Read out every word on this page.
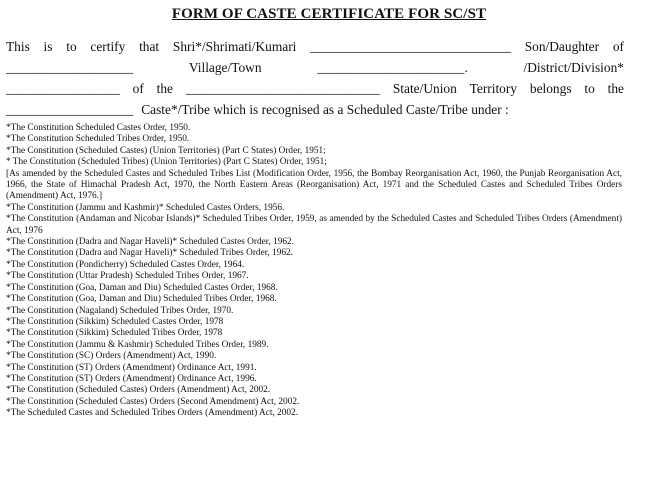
FORM OF CASTE CERTIFICATE FOR SC/ST
This is to certify that Shri*/Shrimati/Kumari ______________________________ Son/Daughter of
___________________	Village/Town	______________________.	/District/Division*
_________________ of the _____________________________ State/Union Territory belongs to the
___________________ Caste*/Tribe which is recognised as a Scheduled Caste/Tribe under :

*The Constitution Scheduled Castes Order, 1950.

*The Constitution Scheduled Tribes Order, 1950.

*The Constitution (Scheduled Castes) (Union Territories) (Part C States) Order, 1951;

* The Constitution (Scheduled Tribes) (Union Territories) (Part C States) Order, 1951;

[As amended by the Scheduled Castes and Scheduled Tribes List (Modification Order, 1956, the Bombay Reorganisation Act, 1960, the Punjab Reorganisation Act, 1966, the State of Himachal Pradesh Act, 1970, the North Eastern Areas (Reorganisation) Act, 1971 and the Scheduled Castes and Scheduled Tribes Orders (Amendment) Act, 1976.]

*The Constitution (Jammu and Kashmir)* Scheduled Castes Orders, 1956.

*The Constitution (Andaman and Nicobar Islands)* Scheduled Tribes Order, 1959, as amended by the Scheduled Castes and Scheduled Tribes Orders (Amendment) Act, 1976

*The Constitution (Dadra and Nagar Haveli)* Scheduled Castes Order, 1962.

*The Constitution (Dadra and Nagar Haveli)* Scheduled Tribes Order, 1962.

*The Constitution (Pondicherry) Scheduled Castes Order, 1964.

*The Constitution (Uttar Pradesh) Scheduled Tribes Order, 1967.

*The Constitution (Goa, Daman and Diu) Scheduled Castes Order, 1968.

*The Constitution (Goa, Daman and Diu) Scheduled Tribes Order, 1968.

*The Constitution (Nagaland) Scheduled Tribes Order, 1970.

*The Constitution (Sikkim) Scheduled Castes Order, 1978

*The Constitution (Sikkim) Scheduled Tribes Order, 1978

*The Constitution (Jammu & Kashmir) Scheduled Tribes Order, 1989.

*The Constitution (SC) Orders (Amendment) Act, 1990.

*The Constitution (ST) Orders (Amendment) Ordinance Act, 1991.

*The Constitution (ST) Orders (Amendment) Ordinance Act, 1996.

*The Constitution (Scheduled Castes) Orders (Amendment) Act, 2002.

*The Constitution (Scheduled Castes) Orders (Second Amendment) Act, 2002.

*The Scheduled Castes and Scheduled Tribes Orders (Amendment) Act, 2002.
